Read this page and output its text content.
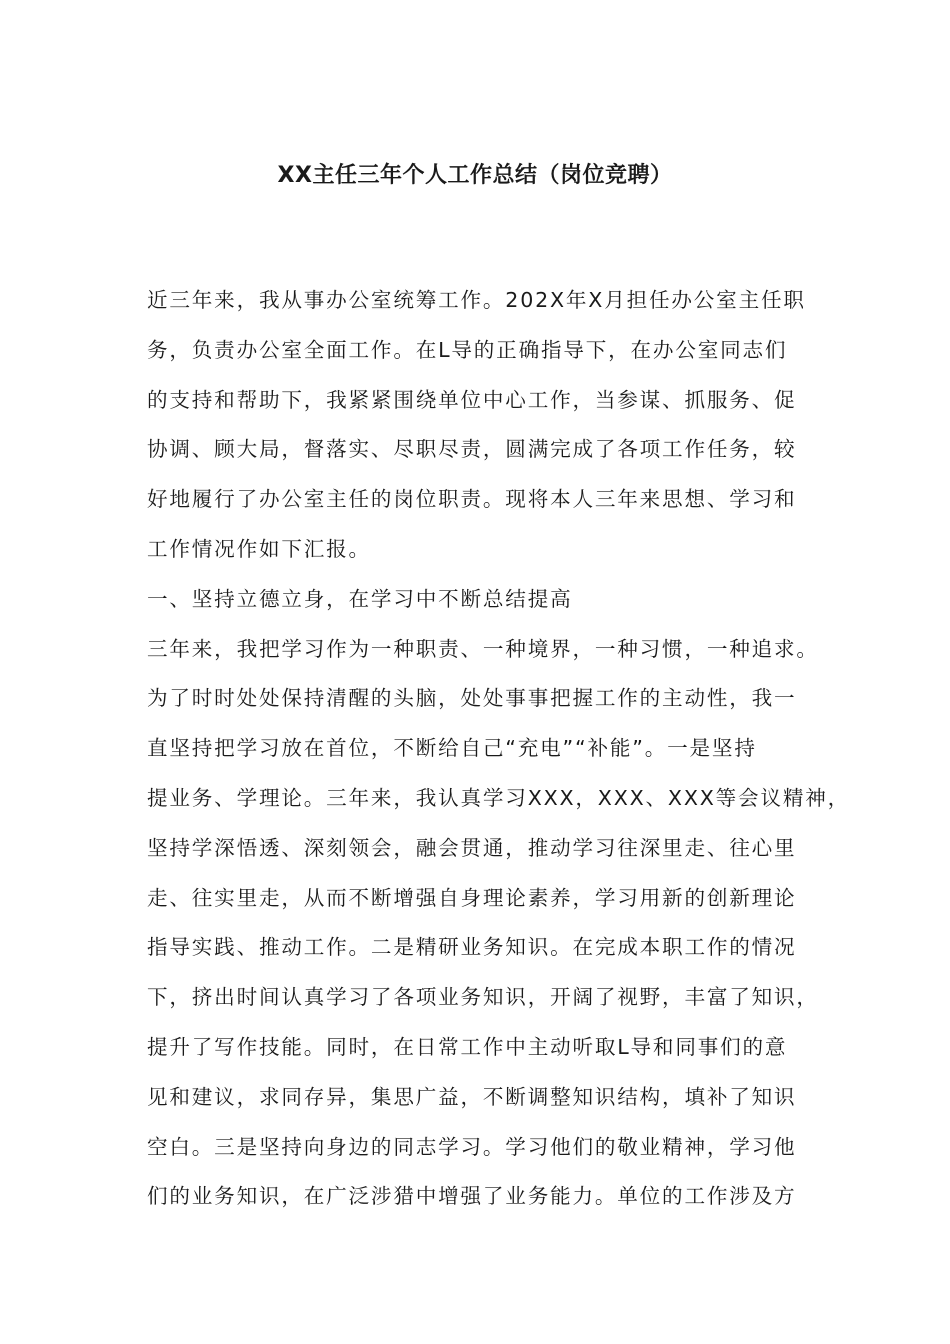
XX主任三年个人工作总结（岗位竞聘）
近三年来，我从事办公室统筹工作。202X年X月担任办公室主任职
务，负责办公室全面工作。在L导的正确指导下，在办公室同志们
的支持和帮助下，我紧紧围绕单位中心工作，当参谋、抓服务、促
协调、顾大局，督落实、尽职尽责，圆满完成了各项工作任务，较
好地履行了办公室主任的岗位职责。现将本人三年来思想、学习和
工作情况作如下汇报。
一、坚持立德立身，在学习中不断总结提高
三年来，我把学习作为一种职责、一种境界，一种习惯，一种追求。
为了时时处处保持清醒的头脑，处处事事把握工作的主动性，我一
直坚持把学习放在首位，不断给自己“充电”“补能”。一是坚持
提业务、学理论。三年来，我认真学习XXX，XXX、XXX等会议精神，
坚持学深悟透、深刻领会，融会贯通，推动学习往深里走、往心里
走、往实里走，从而不断增强自身理论素养，学习用新的创新理论
指导实践、推动工作。二是精研业务知识。在完成本职工作的情况
下，挤出时间认真学习了各项业务知识，开阔了视野，丰富了知识，
提升了写作技能。同时，在日常工作中主动听取L导和同事们的意
见和建议，求同存异，集思广益，不断调整知识结构，填补了知识
空白。三是坚持向身边的同志学习。学习他们的敬业精神，学习他
们的业务知识，在广泛涉猎中增强了业务能力。单位的工作涉及方
